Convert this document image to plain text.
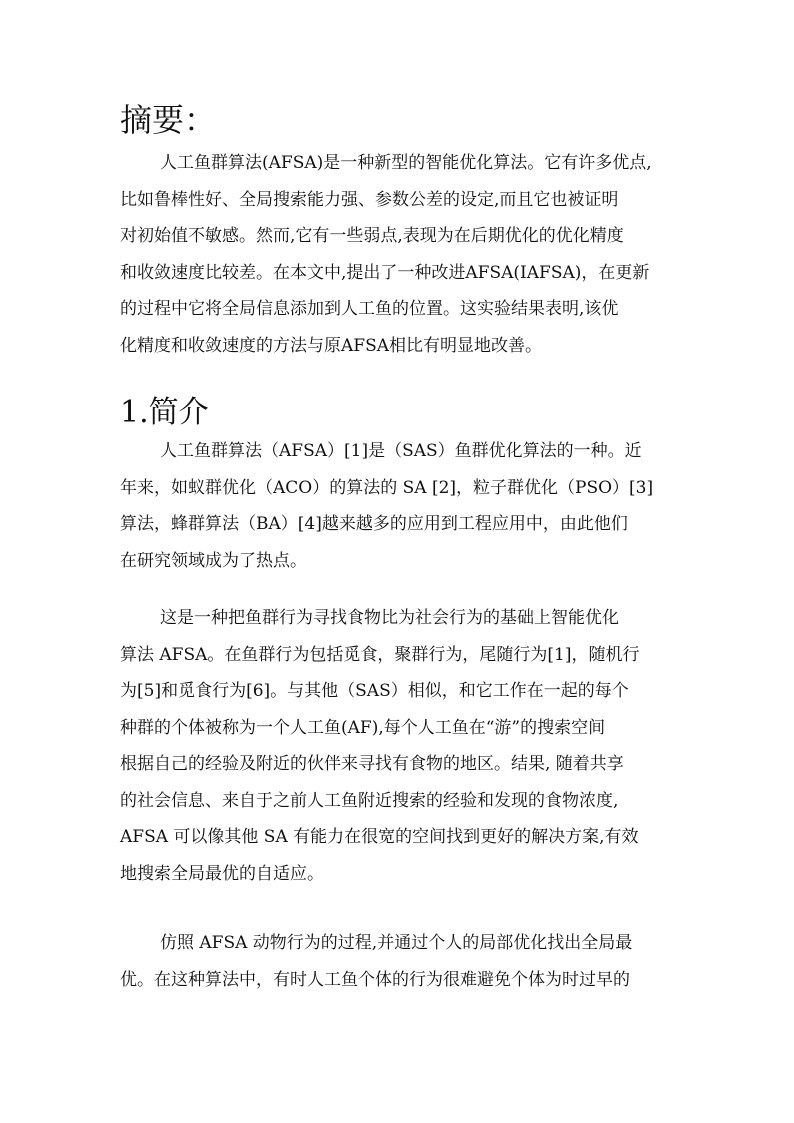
摘要：
人工鱼群算法(AFSA)是一种新型的智能优化算法。它有许多优点,
比如鲁棒性好、全局搜索能力强、参数公差的设定,而且它也被证明
对初始值不敏感。然而,它有一些弱点,表现为在后期优化的优化精度
和收敛速度比较差。在本文中,提出了一种改进AFSA(IAFSA)，在更新
的过程中它将全局信息添加到人工鱼的位置。这实验结果表明,该优
化精度和收敛速度的方法与原AFSA相比有明显地改善。
1.简介
人工鱼群算法（AFSA）[1]是（SAS）鱼群优化算法的一种。近
年来，如蚁群优化（ACO）的算法的 SA [2]，粒子群优化（PSO）[3]
算法，蜂群算法（BA）[4]越来越多的应用到工程应用中，由此他们
在研究领域成为了热点。
这是一种把鱼群行为寻找食物比为社会行为的基础上智能优化
算法 AFSA。在鱼群行为包括觅食，聚群行为，尾随行为[1]，随机行
为[5]和觅食行为[6]。与其他（SAS）相似，和它工作在一起的每个
种群的个体被称为一个人工鱼(AF),每个人工鱼在“游”的搜索空间
根据自己的经验及附近的伙伴来寻找有食物的地区。结果, 随着共享
的社会信息、来自于之前人工鱼附近搜索的经验和发现的食物浓度,
AFSA 可以像其他 SA 有能力在很宽的空间找到更好的解决方案,有效
地搜索全局最优的自适应。
仿照 AFSA 动物行为的过程,并通过个人的局部优化找出全局最
优。在这种算法中，有时人工鱼个体的行为很难避免个体为时过早的
